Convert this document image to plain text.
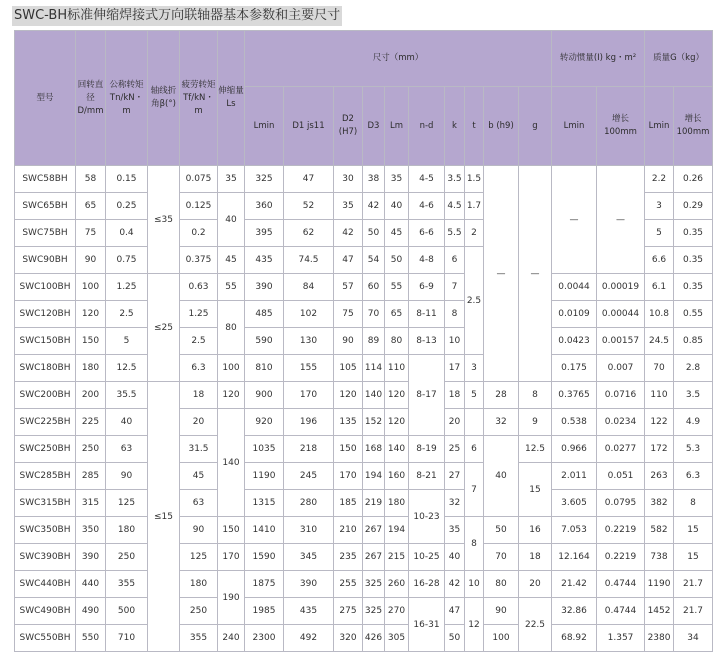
SWC-BH标准伸缩焊接式万向联轴器基本参数和主要尺寸
型号	回转直径D/mm	公称转矩Tn/kN・m	轴线折角β(°)	疲劳转矩Tf/kN・m	伸缩量Ls	尺寸（mm）										转动惯量(I) kg・m²		质量G（kg）	
						Lmin	D1 js11	D2 (H7)	D3	Lm	n-d	k	t	b (h9)	g	Lmin	增长100mm	Lmin	增长100mm
SWC58BH	58	0.15	≤35	0.075	35	325	47	30	38	35	4-5	3.5	1.5	—	—	—	—	2.2	0.26
SWC65BH	65	0.25		0.125	40	360	52	35	42	40	4-6	4.5	1.7					3	0.29
SWC75BH	75	0.4		0.2		395	62	42	50	45	6-6	5.5	2					5	0.35
SWC90BH	90	0.75		0.375	45	435	74.5	47	54	50	4-8	6	2.5					6.6	0.35
SWC100BH	100	1.25	≤25	0.63	55	390	84	57	60	55	6-9	7				0.0044	0.00019	6.1	0.35
SWC120BH	120	2.5		1.25	80	485	102	75	70	65	8-11	8				0.0109	0.00044	10.8	0.55
SWC150BH	150	5		2.5		590	130	90	89	80	8-13	10				0.0423	0.00157	24.5	0.85
SWC180BH	180	12.5		6.3	100	810	155	105	114	110	8-17	17	3			0.175	0.007	70	2.8
SWC200BH	200	35.5	≤15	18	120	900	170	120	140	120		18	5	28	8	0.3765	0.0716	110	3.5
SWC225BH	225	40		20	140	920	196	135	152	120		20		32	9	0.538	0.0234	122	4.9
SWC250BH	250	63		31.5		1035	218	150	168	140	8-19	25	6	40	12.5	0.966	0.0277	172	5.3
SWC285BH	285	90		45		1190	245	170	194	160	8-21	27	7		15	2.011	0.051	263	6.3
SWC315BH	315	125		63		1315	280	185	219	180	10-23	32				3.605	0.0795	382	8
SWC350BH	350	180		90	150	1410	310	210	267	194		35	8	50	16	7.053	0.2219	582	15
SWC390BH	390	250		125	170	1590	345	235	267	215	10-25	40		70	18	12.164	0.2219	738	15
SWC440BH	440	355		180	190	1875	390	255	325	260	16-28	42	10	80	20	21.42	0.4744	1190	21.7
SWC490BH	490	500		250		1985	435	275	325	270	16-31	47	12	90	22.5	32.86	0.4744	1452	21.7
SWC550BH	550	710		355	240	2300	492	320	426	305		50		100		68.92	1.357	2380	34
